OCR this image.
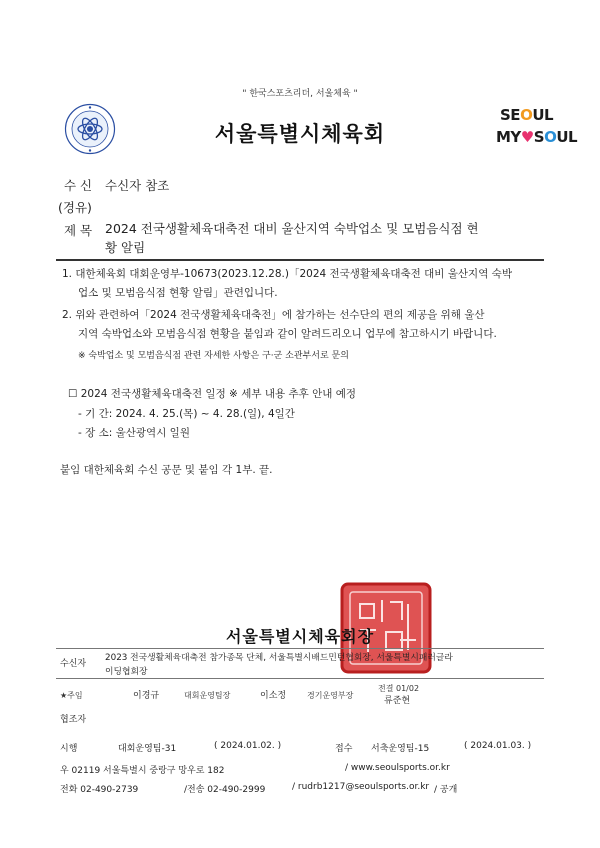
" 한국스포츠리더, 서울체육 "
서울특별시체육회
SEOUL
MY♥SOUL
수 신 수신자 참조
(경유)
제 목 2024 전국생활체육대축전 대비 울산지역 숙박업소 및 모범음식점 현
황 알림
1. 대한체육회 대회운영부-10673(2023.12.28.)「2024 전국생활체육대축전 대비 울산지역 숙박
업소 및 모범음식점 현황 알림」관련입니다.
2. 위와 관련하여「2024 전국생활체육대축전」에 참가하는 선수단의 편의 제공을 위해 울산
지역 숙박업소와 모범음식점 현황을 붙임과 같이 알려드리오니 업무에 참고하시기 바랍니다.
※ 숙박업소 및 모범음식점 관련 자세한 사항은 구·군 소관부서로 문의
☐ 2024 전국생활체육대축전 일정 ※ 세부 내용 추후 안내 예정
- 기 간: 2024. 4. 25.(목) ~ 4. 28.(일), 4일간
- 장 소: 울산광역시 일원
붙임 대한체육회 수신 공문 및 붙임 각 1부. 끝.
서울특별시체육회장인
서울특별시체육회장
수신자
2023 전국생활체육대축전 참가종목 단체, 서울특별시배드민턴협회장, 서울특별시패러글라
이딩협회장
★주임	이경규	대회운영팀장	이소정	경기운영부장
전결 01/02
류준현
협조자
시행	대회운영팀-31	( 2024.01.02. )	접수 서축운영팀-15	( 2024.01.03. )
우 02119 서울특별시 중랑구 망우로 182	/ www.seoulsports.or.kr
전화 02-490-2739	/전송 02-490-2999	/ rudrb1217@seoulsports.or.kr / 공개
